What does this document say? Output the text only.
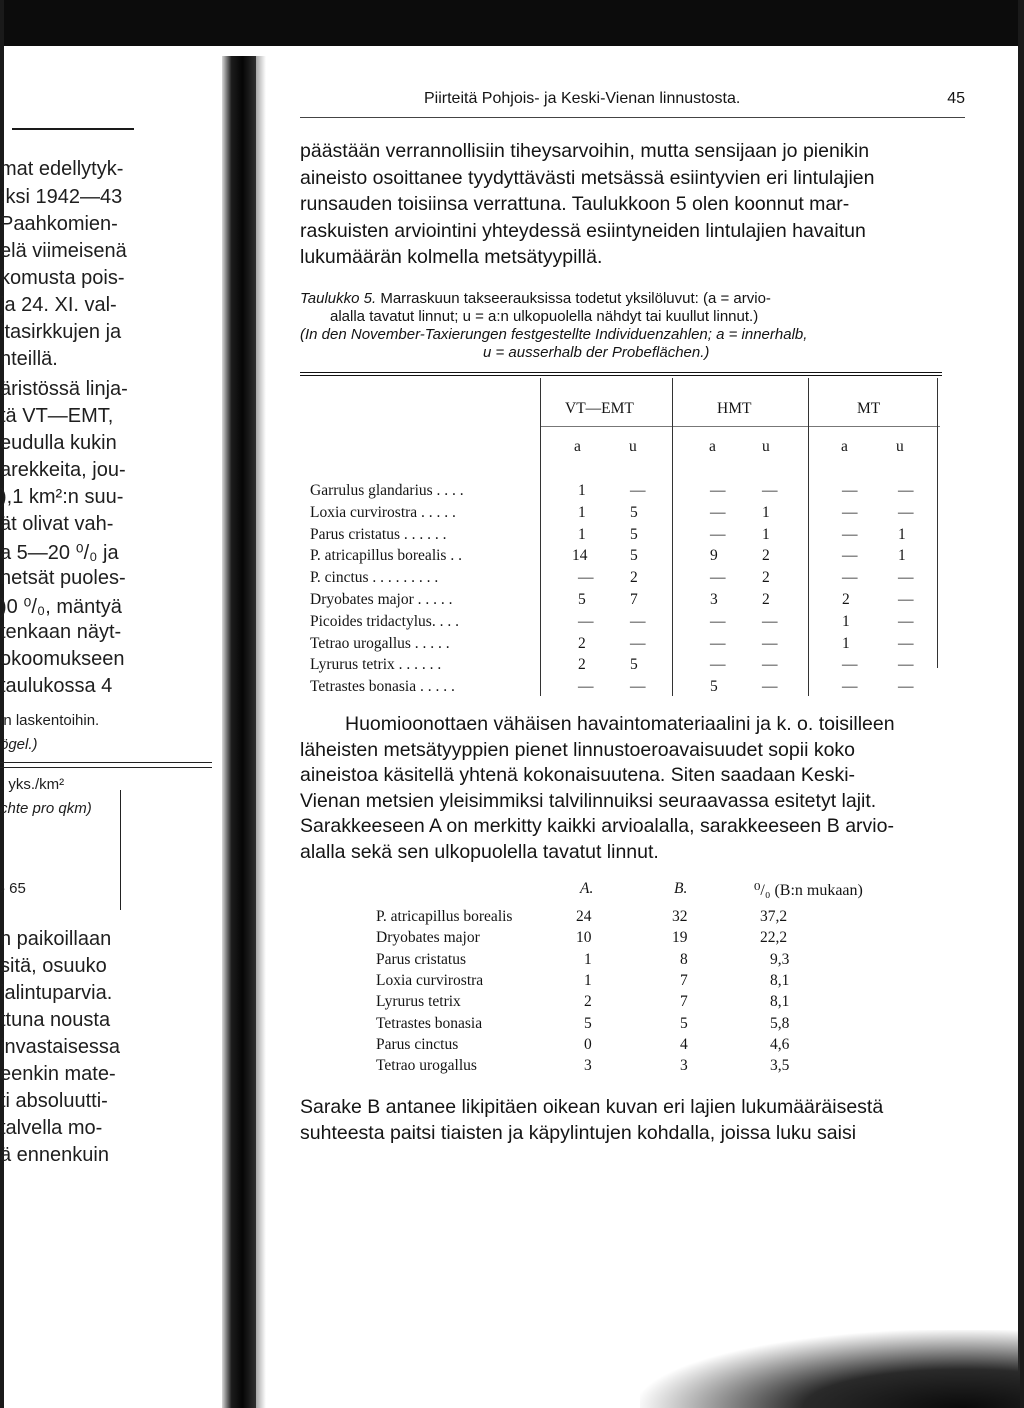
mat edellytyk-
:ksi 1942—43
Paahkomien-
elä viimeisenä
komusta pois-
ja 24. XI. val-
ltasirkkujen ja
nteillä.
äristössä linja-
tä VT—EMT,
eudulla kukin
arekkeita, jou-
),1 km²:n suu-
ät olivat vah-
a 5—20 ⁰/₀ ja
netsät puoles-
)0 ⁰/₀, mäntyä
tenkaan näyt-
okoomukseen
taulukossa 4
in laskentoihin.
ögel.)
. yks./km²
chte pro qkm)
› 65
n paikoillaan
sitä, osuuko
ialintuparvia.
ttuna nousta
invastaisessa
eenkin mate-
ti absoluutti-
talvella mo-
ä ennenkuin
Piirteitä Pohjois- ja Keski-Vienan linnustosta.	45
päästään verrannollisiin tiheysarvoihin, mutta sensijaan jo pienikin
aineisto osoittanee tyydyttävästi metsässä esiintyvien eri lintulajien
runsauden toisiinsa verrattuna. Taulukkoon 5 olen koonnut mar-
raskuisten arviointini yhteydessä esiintyneiden lintulajien havaitun
lukumäärän kolmella metsätyypillä.
Taulukko 5. Marraskuun takseerauksissa todetut yksilöluvut: (a = arvio-
alalla tavatut linnut; u = a:n ulkopuolella nähdyt tai kuullut linnut.)
(In den November-Taxierungen festgestellte Individuenzahlen; a = innerhalb,
u = ausserhalb der Probeflächen.)
VT—EMT	HMT	MT
a	u	a	u	a	u
Garrulus glandarius . . . .	1	—	— —	—	—
Loxia curvirostra . . . . .	1	5	— 1	—	—
Parus cristatus . . . . . .	1	5	— 1	—	1
P. atricapillus borealis . .	14	5	9	2	—	1
P. cinctus . . . . . . . . .	— 2	— 2	—	—
Dryobates major . . . . .	5	7	3	2	2	—
Picoides tridactylus. . . .	— —	— —	1	—
Tetrao urogallus . . . . .	2	—	— —	1	—
Lyrurus tetrix . . . . . .	2	5	— —	—	—
Tetrastes bonasia . . . . .	— —	5	—	—	—
Huomioonottaen vähäisen havaintomateriaalini ja k. o. toisilleen
läheisten metsätyyppien pienet linnustoeroavaisuudet sopii koko
aineistoa käsitellä yhtenä kokonaisuutena. Siten saadaan Keski-
Vienan metsien yleisimmiksi talvilinnuiksi seuraavassa esitetyt lajit.
Sarakkeeseen A on merkitty kaikki arvioalalla, sarakkeeseen B arvio-
alalla sekä sen ulkopuolella tavatut linnut.
A.	B.	⁰/₀ (B:n mukaan)
P. atricapillus borealis	24	32	37,2
Dryobates major	10	19	22,2
Parus cristatus	1	8	9,3
Loxia curvirostra	1	7	8,1
Lyrurus tetrix	2	7	8,1
Tetrastes bonasia	5	5	5,8
Parus cinctus	0	4	4,6
Tetrao urogallus	3	3	3,5
Sarake B antanee likipitäen oikean kuvan eri lajien lukumääräisestä
suhteesta paitsi tiaisten ja käpylintujen kohdalla, joissa luku saisi
